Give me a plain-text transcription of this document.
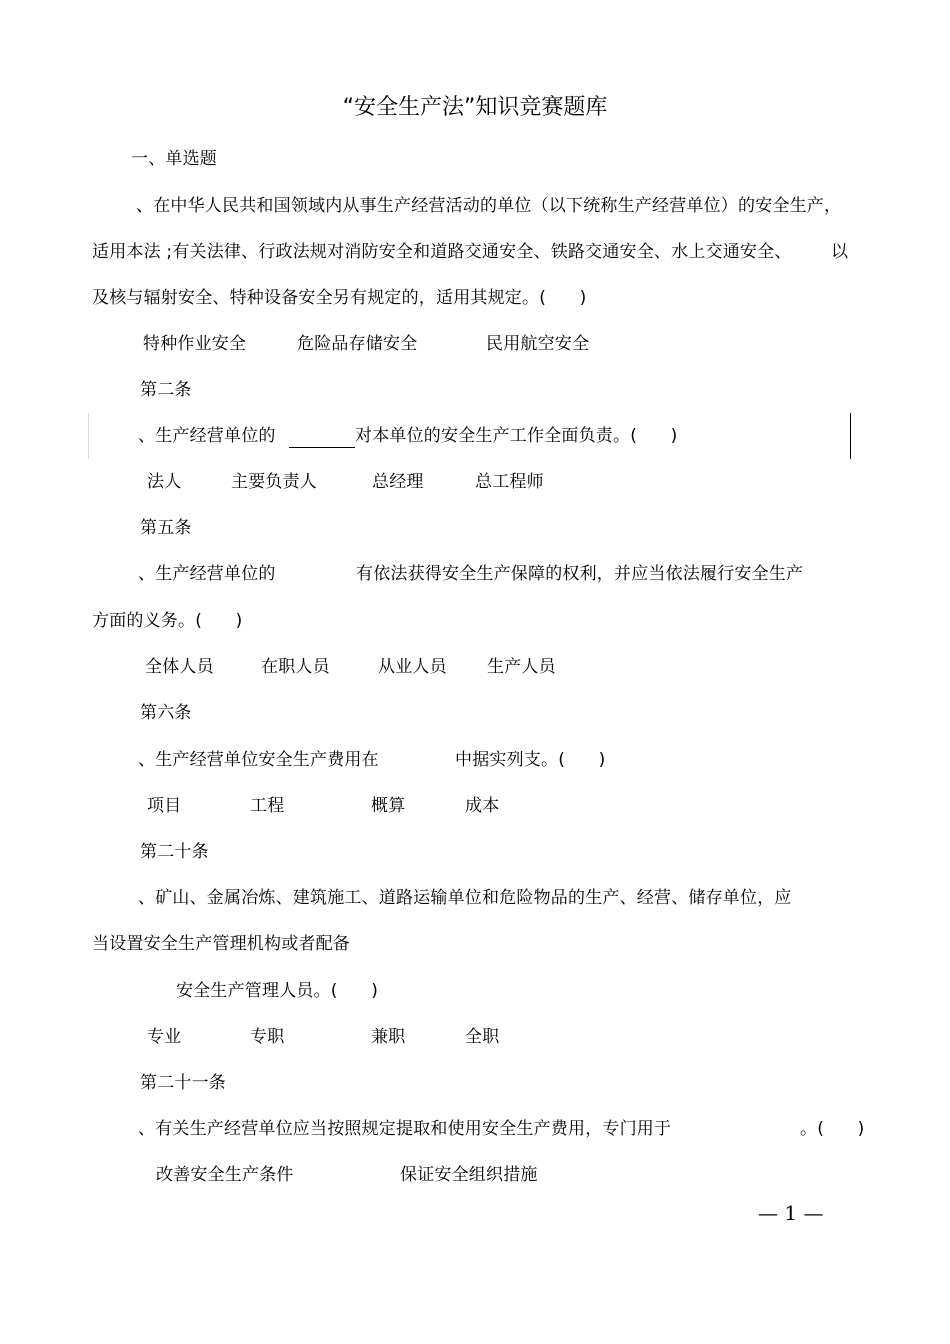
“安全生产法”知识竞赛题库
一、单选题
、在中华人民共和国领域内从事生产经营活动的单位（以下统称生产经营单位）的安全生产，
适用本法 ;有关法律、行政法规对消防安全和道路交通安全、铁路交通安全、水上交通安全、 以
及核与辐射安全、特种设备安全另有规定的，适用其规定。(      )
特种作业安全	危险品存储安全	民用航空安全
第二条
、生产经营单位的	对本单位的安全生产工作全面负责。(      )
法人	主要负责人	总经理	总工程师
第五条
、生产经营单位的	有依法获得安全生产保障的权利，并应当依法履行安全生产
方面的义务。(      )
全体人员	在职人员	从业人员 生产人员
第六条
、生产经营单位安全生产费用在	中据实列支。(      )
项目	工程	概算	成本
第二十条
、矿山、金属冶炼、建筑施工、道路运输单位和危险物品的生产、经营、储存单位，应
当设置安全生产管理机构或者配备
安全生产管理人员。(      )
专业	专职	兼职	全职
第二十一条
、有关生产经营单位应当按照规定提取和使用安全生产费用，专门用于	。(      )
改善安全生产条件	保证安全组织措施
— 1 —
